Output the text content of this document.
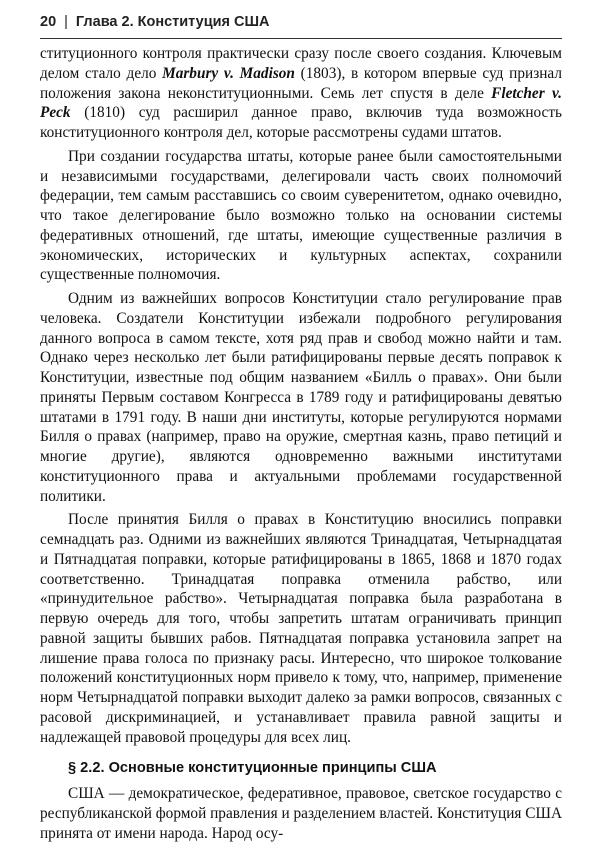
20 | Глава 2. Конституция США

ституционного контроля практически сразу после своего создания. Ключевым делом стало дело Marbury v. Madison (1803), в котором впервые суд признал положения закона неконституционными. Семь лет спустя в деле Fletcher v. Peck (1810) суд расширил данное право, включив туда возможность конституционного контроля дел, которые рассмотрены судами штатов.

При создании государства штаты, которые ранее были самостоятельными и независимыми государствами, делегировали часть своих полномочий федерации, тем самым расставшись со своим суверенитетом, однако очевидно, что такое делегирование было возможно только на основании системы федеративных отношений, где штаты, имеющие существенные различия в экономических, исторических и культурных аспектах, сохранили существенные полномочия.

Одним из важнейших вопросов Конституции стало регулирование прав человека. Создатели Конституции избежали подробного регулирования данного вопроса в самом тексте, хотя ряд прав и свобод можно найти и там. Однако через несколько лет были ратифицированы первые десять поправок к Конституции, известные под общим названием «Билль о правах». Они были приняты Первым составом Конгресса в 1789 году и ратифицированы девятью штатами в 1791 году. В наши дни институты, которые регулируются нормами Билля о правах (например, право на оружие, смертная казнь, право петиций и многие другие), являются одновременно важными институтами конституционного права и актуальными проблемами государственной политики.

После принятия Билля о правах в Конституцию вносились поправки семнадцать раз. Одними из важнейших являются Тринадцатая, Четырнадцатая и Пятнадцатая поправки, которые ратифицированы в 1865, 1868 и 1870 годах соответственно. Тринадцатая поправка отменила рабство, или «принудительное рабство». Четырнадцатая поправка была разработана в первую очередь для того, чтобы запретить штатам ограничивать принцип равной защиты бывших рабов. Пятнадцатая поправка установила запрет на лишение права голоса по признаку расы. Интересно, что широкое толкование положений конституционных норм привело к тому, что, например, применение норм Четырнадцатой поправки выходит далеко за рамки вопросов, связанных с расовой дискриминацией, и устанавливает правила равной защиты и надлежащей правовой процедуры для всех лиц.

§ 2.2. Основные конституционные принципы США

США — демократическое, федеративное, правовое, светское государство с республиканской формой правления и разделением властей. Конституция США принята от имени народа. Народ осу-
